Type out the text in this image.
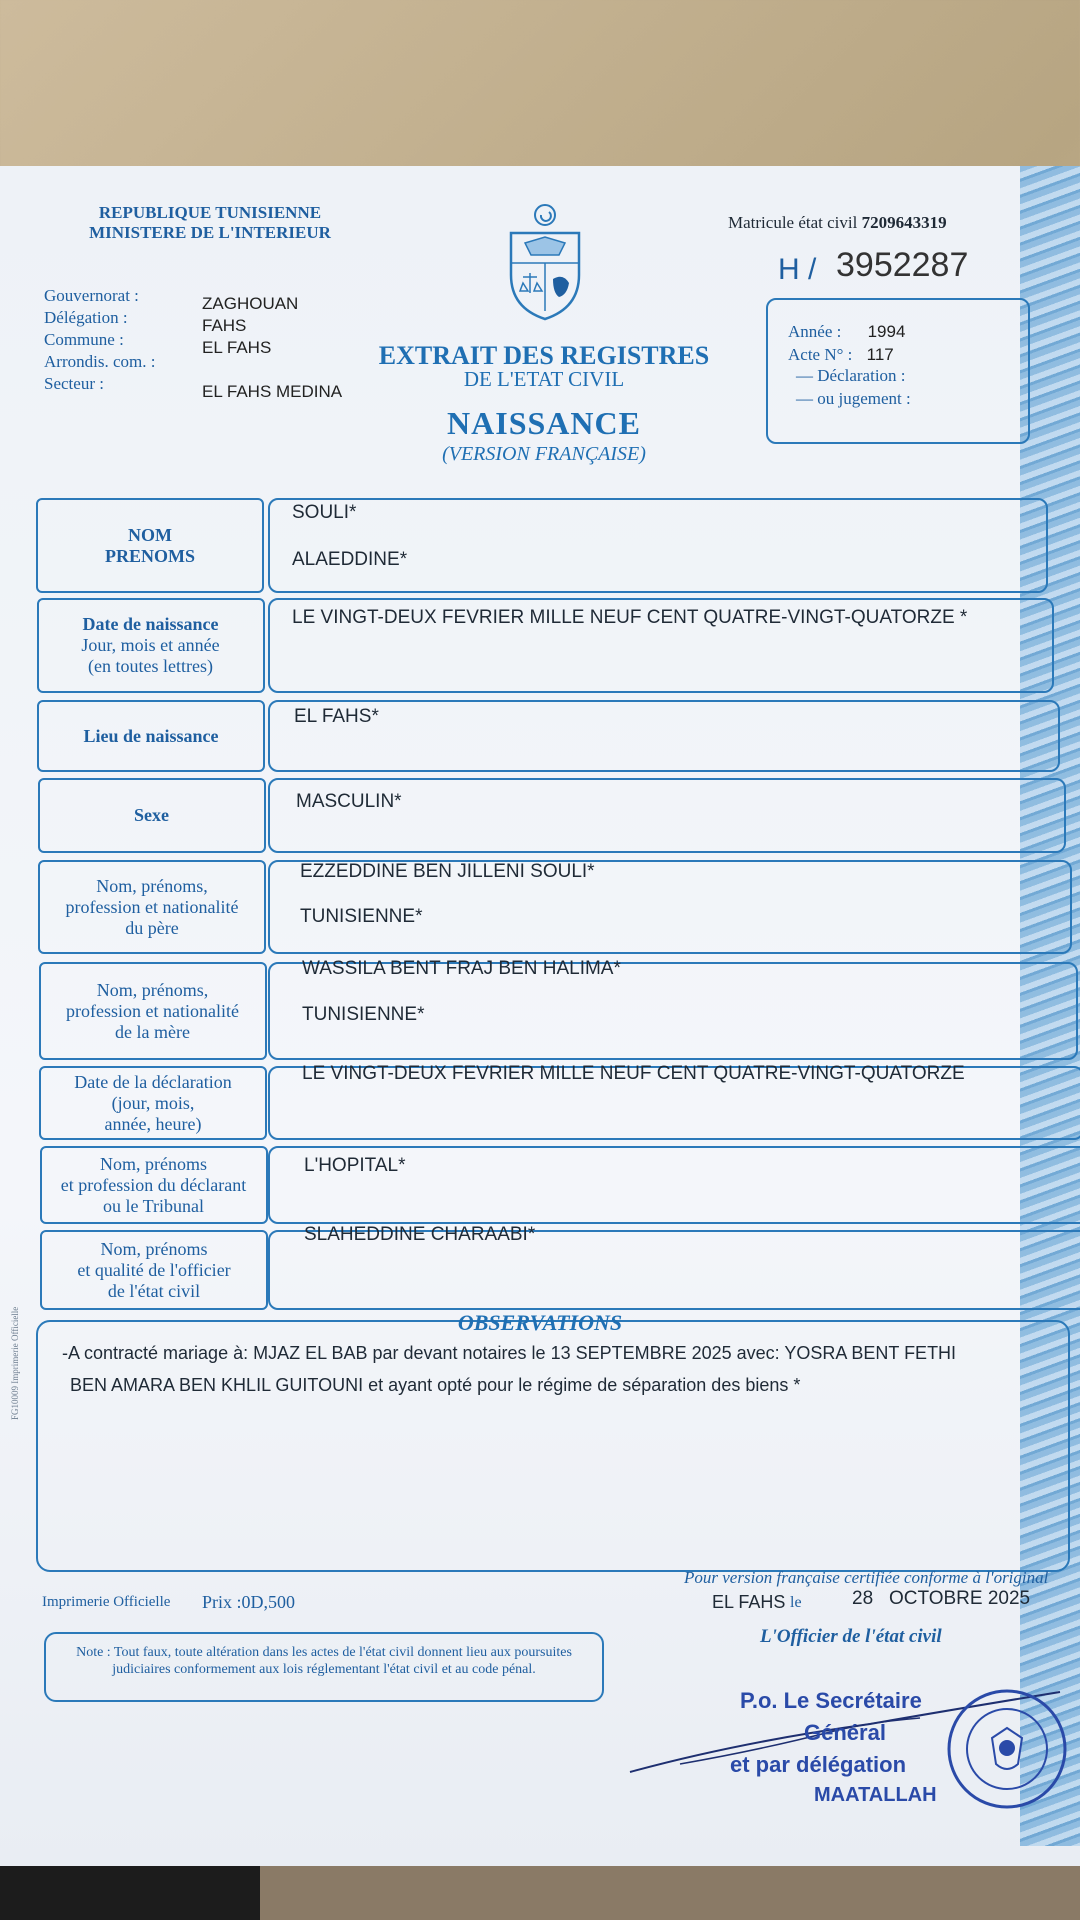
REPUBLIQUE TUNISIENNE
MINISTERE DE L'INTERIEUR
Gouvernorat :
Délégation :
Commune :
Arrondis. com. :
Secteur :
ZAGHOUAN
FAHS
EL FAHS
EL FAHS MEDINA
EXTRAIT DES REGISTRES
DE L'ETAT CIVIL
NAISSANCE
(VERSION FRANÇAISE)
Matricule état civil 7209643319
H / 3952287
Année : 1994
Acte N° : 117
— Déclaration :
— ou jugement :
NOM
PRENOMS
SOULI*
ALAEDDINE*
Date de naissance
Jour, mois et année
(en toutes lettres)
LE VINGT-DEUX FEVRIER MILLE NEUF CENT QUATRE-VINGT-QUATORZE *
Lieu de naissance
EL FAHS*
Sexe
MASCULIN*
Nom, prénoms,
profession et nationalité
du père
EZZEDDINE BEN JILLENI SOULI*
TUNISIENNE*
Nom, prénoms,
profession et nationalité
de la mère
WASSILA BENT FRAJ BEN HALIMA*
TUNISIENNE*
Date de la déclaration
(jour, mois,
année, heure)
LE VINGT-DEUX FEVRIER MILLE NEUF CENT QUATRE-VINGT-QUATORZE
Nom, prénoms
et profession du déclarant
ou le Tribunal
L'HOPITAL*
Nom, prénoms
et qualité de l'officier
de l'état civil
SLAHEDDINE CHARAABI*
OBSERVATIONS
-A contracté mariage à: MJAZ EL BAB par devant notaires le 13 SEPTEMBRE 2025 avec: YOSRA BENT FETHI
BEN AMARA BEN KHLIL GUITOUNI et ayant opté pour le régime de séparation des biens *
FG10009 Imprimerie Officielle
Imprimerie Officielle Prix :0D,500
Pour version française certifiée conforme à l'original
EL FAHS le	28   OCTOBRE 2025
L'Officier de l'état civil
Note : Tout faux, toute altération dans les actes de l'état civil donnent lieu aux poursuites judiciaires conformement aux lois réglementant l'état civil et au code pénal.
P.o. Le Secrétaire
Général
et par délégation
MAATALLAH
